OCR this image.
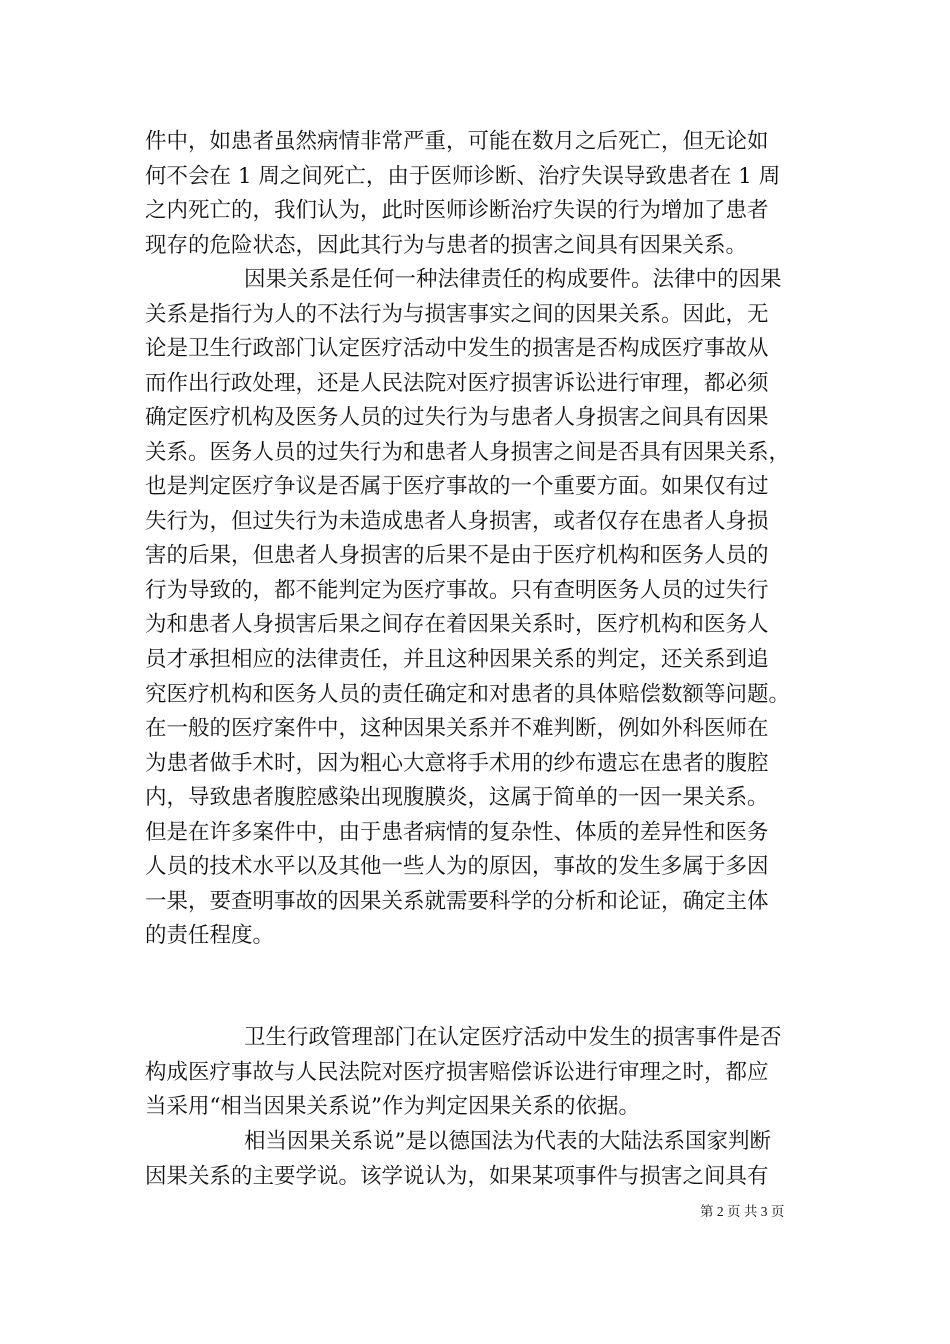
件中，如患者虽然病情非常严重，可能在数月之后死亡，但无论如
何不会在 1 周之间死亡，由于医师诊断、治疗失误导致患者在 1 周
之内死亡的，我们认为，此时医师诊断治疗失误的行为增加了患者
现存的危险状态，因此其行为与患者的损害之间具有因果关系。
因果关系是任何一种法律责任的构成要件。法律中的因果
关系是指行为人的不法行为与损害事实之间的因果关系。因此，无
论是卫生行政部门认定医疗活动中发生的损害是否构成医疗事故从
而作出行政处理，还是人民法院对医疗损害诉讼进行审理，都必须
确定医疗机构及医务人员的过失行为与患者人身损害之间具有因果
关系。医务人员的过失行为和患者人身损害之间是否具有因果关系，
也是判定医疗争议是否属于医疗事故的一个重要方面。如果仅有过
失行为，但过失行为未造成患者人身损害，或者仅存在患者人身损
害的后果，但患者人身损害的后果不是由于医疗机构和医务人员的
行为导致的，都不能判定为医疗事故。只有查明医务人员的过失行
为和患者人身损害后果之间存在着因果关系时，医疗机构和医务人
员才承担相应的法律责任，并且这种因果关系的判定，还关系到追
究医疗机构和医务人员的责任确定和对患者的具体赔偿数额等问题。
在一般的医疗案件中，这种因果关系并不难判断，例如外科医师在
为患者做手术时，因为粗心大意将手术用的纱布遗忘在患者的腹腔
内，导致患者腹腔感染出现腹膜炎，这属于简单的一因一果关系。
但是在许多案件中，由于患者病情的复杂性、体质的差异性和医务
人员的技术水平以及其他一些人为的原因，事故的发生多属于多因
一果，要查明事故的因果关系就需要科学的分析和论证，确定主体
的责任程度。
卫生行政管理部门在认定医疗活动中发生的损害事件是否
构成医疗事故与人民法院对医疗损害赔偿诉讼进行审理之时，都应
当采用“相当因果关系说”作为判定因果关系的依据。
相当因果关系说”是以德国法为代表的大陆法系国家判断
因果关系的主要学说。该学说认为，如果某项事件与损害之间具有
第 2 页 共 3 页
